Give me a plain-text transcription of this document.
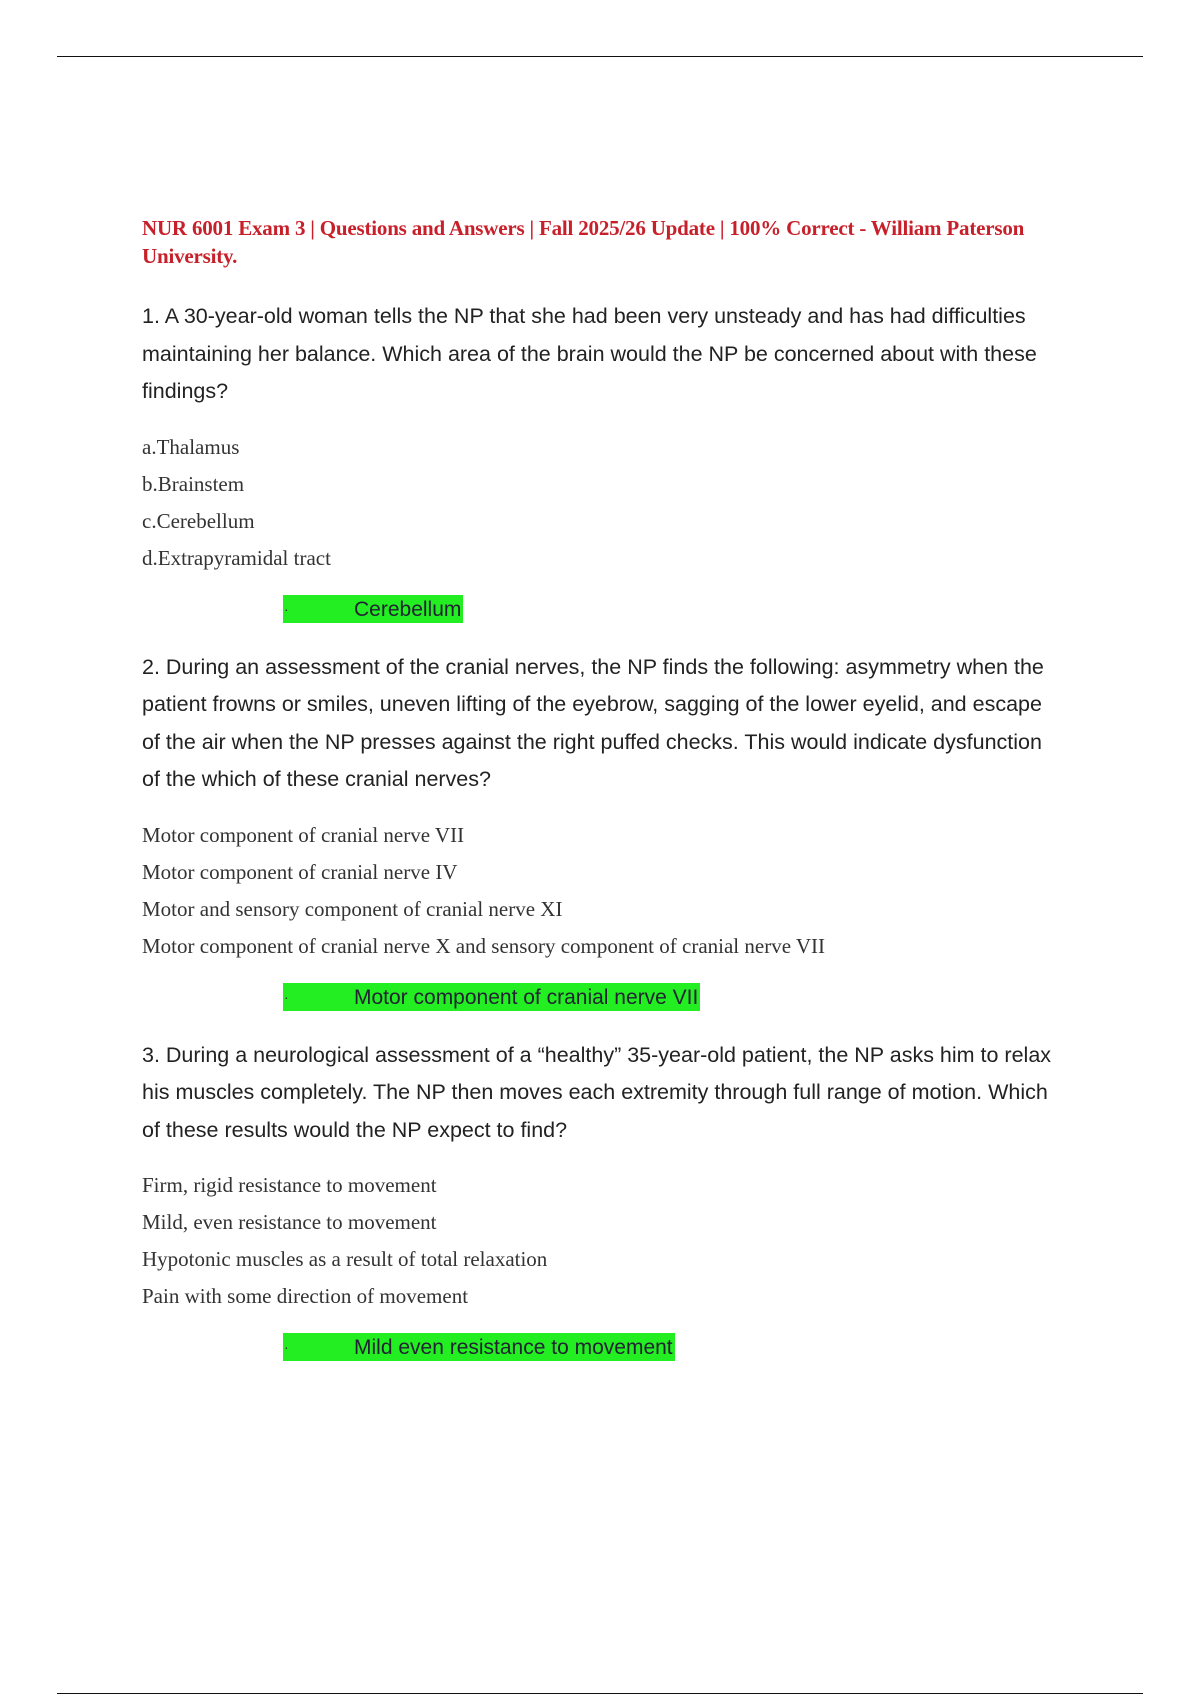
NUR 6001 Exam 3 | Questions and Answers | Fall 2025/26 Update | 100% Correct - William Paterson University.

1. A 30-year-old woman tells the NP that she had been very unsteady and has had difficulties maintaining her balance. Which area of the brain would the NP be concerned about with these findings?

a.Thalamus
b.Brainstem
c.Cerebellum
d.Extrapyramidal tract
·	Cerebellum

2. During an assessment of the cranial nerves, the NP finds the following: asymmetry when the patient frowns or smiles, uneven lifting of the eyebrow, sagging of the lower eyelid, and escape of the air when the NP presses against the right puffed checks. This would indicate dysfunction of the which of these cranial nerves?

Motor component of cranial nerve VII
Motor component of cranial nerve IV
Motor and sensory component of cranial nerve XI
Motor component of cranial nerve X and sensory component of cranial nerve VII
·	Motor component of cranial nerve VII

3. During a neurological assessment of a “healthy” 35-year-old patient, the NP asks him to relax his muscles completely. The NP then moves each extremity through full range of motion. Which of these results would the NP expect to find?

Firm, rigid resistance to movement
Mild, even resistance to movement
Hypotonic muscles as a result of total relaxation
Pain with some direction of movement
·	Mild even resistance to movement
